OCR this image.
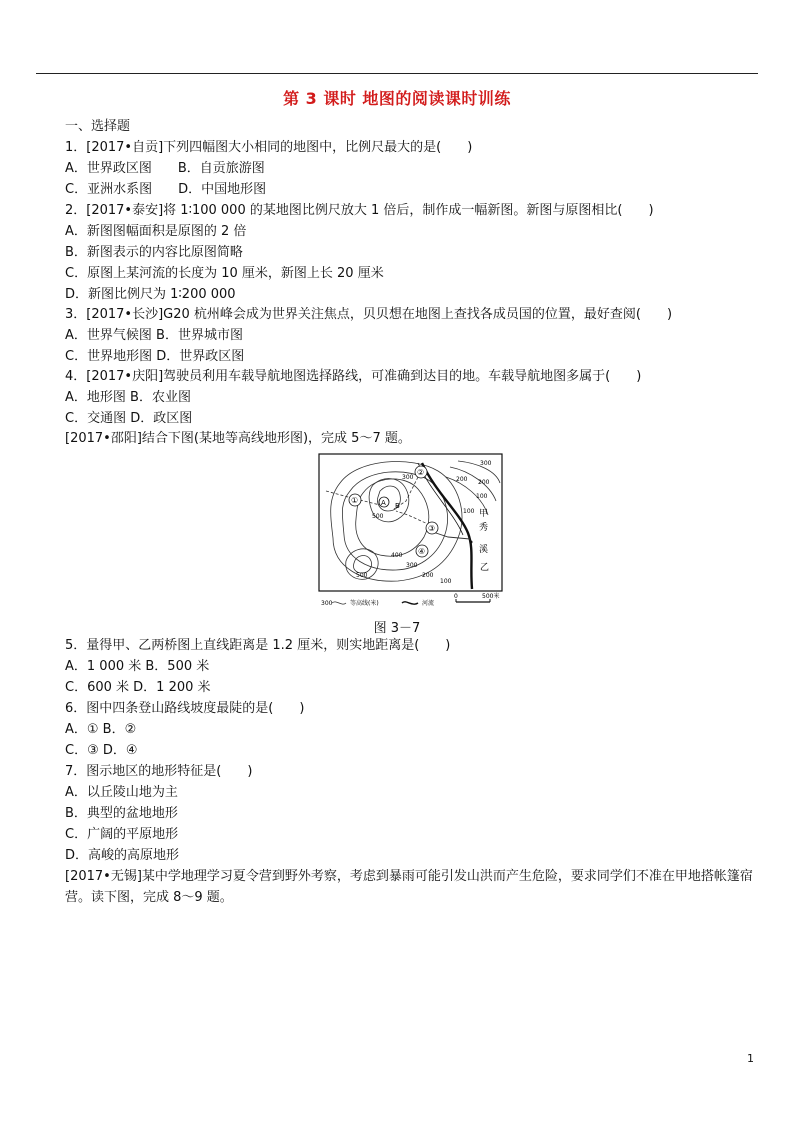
第 3 课时 地图的阅读课时训练
一、选择题
1．[2017•自贡]下列四幅图大小相同的地图中，比例尺最大的是(　　)
A．世界政区图　　B．自贡旅游图
C．亚洲水系图　　D．中国地形图
2．[2017•泰安]将 1∶100 000 的某地图比例尺放大 1 倍后，制作成一幅新图。新图与原图相比(　　)
A．新图图幅面积是原图的 2 倍
B．新图表示的内容比原图简略
C．原图上某河流的长度为 10 厘米，新图上长 20 厘米
D．新图比例尺为 1∶200 000
3．[2017•长沙]G20 杭州峰会成为世界关注焦点，贝贝想在地图上查找各成员国的位置，最好查阅(　　)
A．世界气候图 B．世界城市图
C．世界地形图 D．世界政区图
4．[2017•庆阳]驾驶员利用车载导航地图选择路线，可准确到达目的地。车载导航地图多属于(　　)
A．地形图 B．农业图
C．交通图 D．政区图
[2017•邵阳]结合下图(某地等高线地形图)，完成 5～7 题。
300
200
100
500
400
300
200
100
500
300	200
100
①
②
③
④
A B
甲
秀
溪
乙
300	等高线(米)	河流
0	500米
图 3－7
5．量得甲、乙两桥图上直线距离是 1.2 厘米，则实地距离是(　　)
A．1 000 米 B．500 米
C．600 米 D．1 200 米
6．图中四条登山路线坡度最陡的是(　　)
A．① B．②
C．③ D．④
7．图示地区的地形特征是(　　)
A．以丘陵山地为主
B．典型的盆地地形
C．广阔的平原地形
D．高峻的高原地形
[2017•无锡]某中学地理学习夏令营到野外考察，考虑到暴雨可能引发山洪而产生危险，要求同学们不准在甲地搭帐篷宿营。读下图，完成 8～9 题。
1
